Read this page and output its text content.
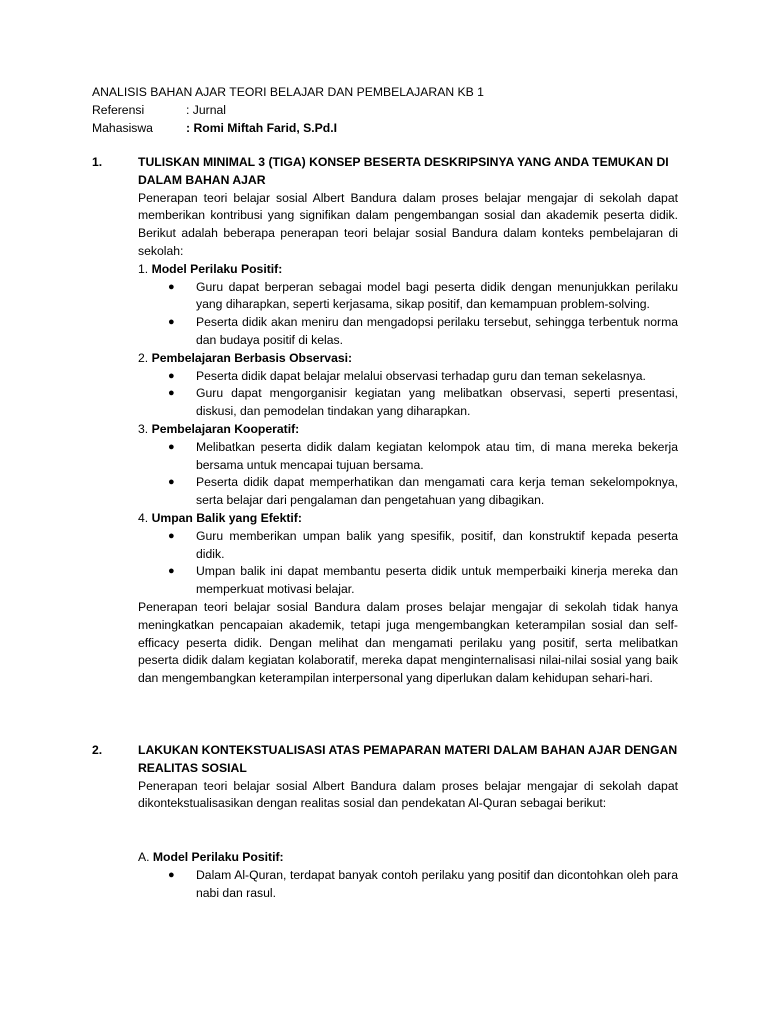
ANALISIS BAHAN AJAR TEORI BELAJAR DAN PEMBELAJARAN KB 1
Referensi	: Jurnal
Mahasiswa	: Romi Miftah Farid, S.Pd.I
1.	TULISKAN MINIMAL 3 (TIGA) KONSEP BESERTA DESKRIPSINYA YANG ANDA TEMUKAN DI DALAM BAHAN AJAR
Penerapan teori belajar sosial Albert Bandura dalam proses belajar mengajar di sekolah dapat memberikan kontribusi yang signifikan dalam pengembangan sosial dan akademik peserta didik. Berikut adalah beberapa penerapan teori belajar sosial Bandura dalam konteks pembelajaran di sekolah:
1. Model Perilaku Positif:
●	Guru dapat berperan sebagai model bagi peserta didik dengan menunjukkan perilaku yang diharapkan, seperti kerjasama, sikap positif, dan kemampuan problem-solving.
●	Peserta didik akan meniru dan mengadopsi perilaku tersebut, sehingga terbentuk norma dan budaya positif di kelas.
2. Pembelajaran Berbasis Observasi:
●	Peserta didik dapat belajar melalui observasi terhadap guru dan teman sekelasnya.
●	Guru dapat mengorganisir kegiatan yang melibatkan observasi, seperti presentasi, diskusi, dan pemodelan tindakan yang diharapkan.
3. Pembelajaran Kooperatif:
●	Melibatkan peserta didik dalam kegiatan kelompok atau tim, di mana mereka bekerja bersama untuk mencapai tujuan bersama.
●	Peserta didik dapat memperhatikan dan mengamati cara kerja teman sekelompoknya, serta belajar dari pengalaman dan pengetahuan yang dibagikan.
4. Umpan Balik yang Efektif:
●	Guru memberikan umpan balik yang spesifik, positif, dan konstruktif kepada peserta didik.
●	Umpan balik ini dapat membantu peserta didik untuk memperbaiki kinerja mereka dan memperkuat motivasi belajar.
Penerapan teori belajar sosial Bandura dalam proses belajar mengajar di sekolah tidak hanya meningkatkan pencapaian akademik, tetapi juga mengembangkan keterampilan sosial dan self-efficacy peserta didik. Dengan melihat dan mengamati perilaku yang positif, serta melibatkan peserta didik dalam kegiatan kolaboratif, mereka dapat menginternalisasi nilai-nilai sosial yang baik dan mengembangkan keterampilan interpersonal yang diperlukan dalam kehidupan sehari-hari.
2.	LAKUKAN KONTEKSTUALISASI ATAS PEMAPARAN MATERI DALAM BAHAN AJAR DENGAN REALITAS SOSIAL
Penerapan teori belajar sosial Albert Bandura dalam proses belajar mengajar di sekolah dapat dikontekstualisasikan dengan realitas sosial dan pendekatan Al-Quran sebagai berikut:
A. Model Perilaku Positif:
●	Dalam Al-Quran, terdapat banyak contoh perilaku yang positif dan dicontohkan oleh para nabi dan rasul.
